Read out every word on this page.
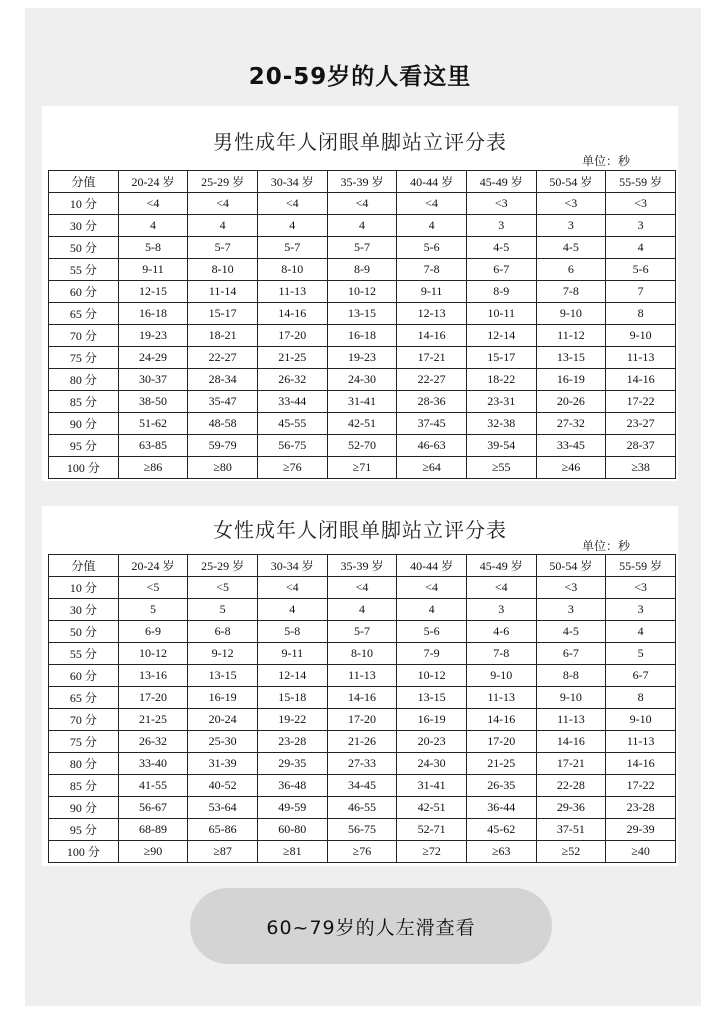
20-59岁的人看这里
男性成年人闭眼单脚站立评分表
单位：秒
分值	20-24 岁	25-29 岁	30-34 岁	35-39 岁	40-44 岁	45-49 岁	50-54 岁	55-59 岁
10 分	<4	<4	<4	<4	<4	<3	<3	<3
30 分	4	4	4	4	4	3	3	3
50 分	5-8	5-7	5-7	5-7	5-6	4-5	4-5	4
55 分	9-11	8-10	8-10	8-9	7-8	6-7	6	5-6
60 分	12-15	11-14	11-13	10-12	9-11	8-9	7-8	7
65 分	16-18	15-17	14-16	13-15	12-13	10-11	9-10	8
70 分	19-23	18-21	17-20	16-18	14-16	12-14	11-12	9-10
75 分	24-29	22-27	21-25	19-23	17-21	15-17	13-15	11-13
80 分	30-37	28-34	26-32	24-30	22-27	18-22	16-19	14-16
85 分	38-50	35-47	33-44	31-41	28-36	23-31	20-26	17-22
90 分	51-62	48-58	45-55	42-51	37-45	32-38	27-32	23-27
95 分	63-85	59-79	56-75	52-70	46-63	39-54	33-45	28-37
100 分	≥86	≥80	≥76	≥71	≥64	≥55	≥46	≥38
女性成年人闭眼单脚站立评分表
单位：秒
分值	20-24 岁	25-29 岁	30-34 岁	35-39 岁	40-44 岁	45-49 岁	50-54 岁	55-59 岁
10 分	<5	<5	<4	<4	<4	<4	<3	<3
30 分	5	5	4	4	4	3	3	3
50 分	6-9	6-8	5-8	5-7	5-6	4-6	4-5	4
55 分	10-12	9-12	9-11	8-10	7-9	7-8	6-7	5
60 分	13-16	13-15	12-14	11-13	10-12	9-10	8-8	6-7
65 分	17-20	16-19	15-18	14-16	13-15	11-13	9-10	8
70 分	21-25	20-24	19-22	17-20	16-19	14-16	11-13	9-10
75 分	26-32	25-30	23-28	21-26	20-23	17-20	14-16	11-13
80 分	33-40	31-39	29-35	27-33	24-30	21-25	17-21	14-16
85 分	41-55	40-52	36-48	34-45	31-41	26-35	22-28	17-22
90 分	56-67	53-64	49-59	46-55	42-51	36-44	29-36	23-28
95 分	68-89	65-86	60-80	56-75	52-71	45-62	37-51	29-39
100 分	≥90	≥87	≥81	≥76	≥72	≥63	≥52	≥40
60~79岁的人左滑查看
